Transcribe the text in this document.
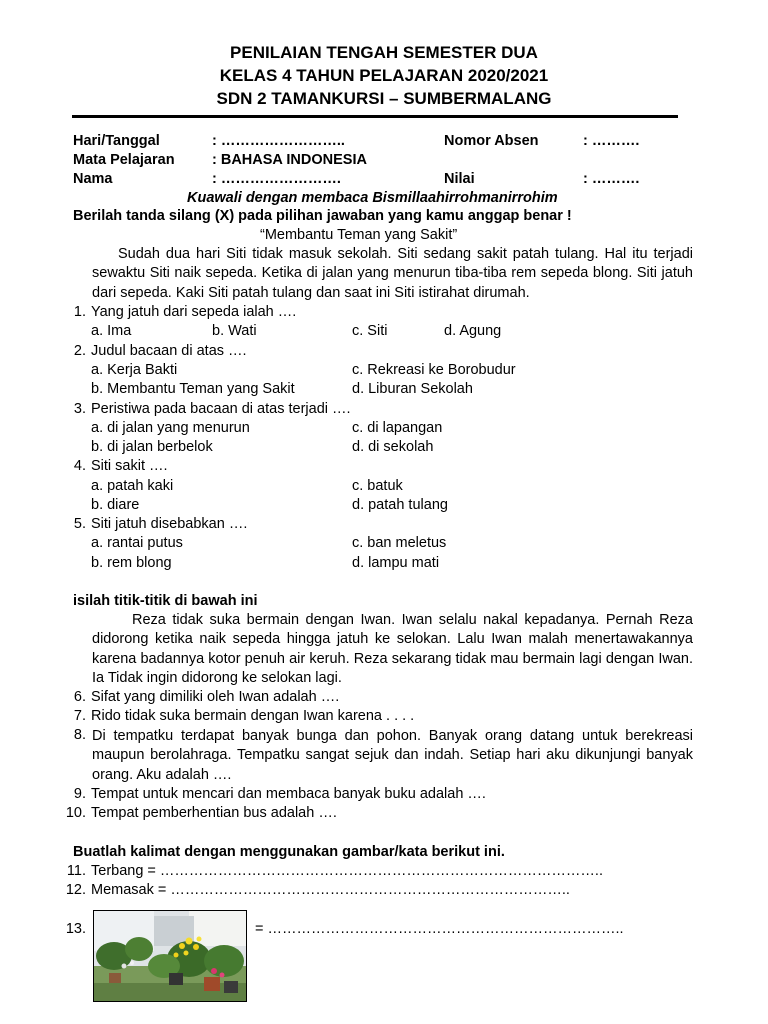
PENILAIAN TENGAH SEMESTER DUA
KELAS 4 TAHUN PELAJARAN 2020/2021
SDN 2 TAMANKURSI – SUMBERMALANG
Hari/Tanggal	: ……………………..	Nomor Absen	: ……….
Mata Pelajaran	: BAHASA INDONESIA
Nama	: …………………….	Nilai	: ……….
Kuawali dengan membaca Bismillaahirrohmanirrohim
Berilah tanda silang (X) pada pilihan jawaban yang kamu anggap benar !
“Membantu Teman yang Sakit”
Sudah dua hari Siti tidak masuk sekolah. Siti sedang sakit patah tulang. Hal itu terjadi sewaktu Siti naik sepeda. Ketika di jalan yang menurun tiba-tiba rem sepeda blong. Siti jatuh dari sepeda. Kaki Siti patah tulang dan saat ini Siti istirahat dirumah.
1. Yang jatuh dari sepeda ialah ….
a. Ima	b. Wati	c. Siti	d. Agung
2. Judul bacaan di atas ….
a. Kerja Bakti	c. Rekreasi ke Borobudur
b. Membantu Teman yang Sakit	d. Liburan Sekolah
3. Peristiwa pada bacaan di atas terjadi ….
a. di jalan yang menurun	c. di lapangan
b. di jalan berbelok	d. di sekolah
4. Siti sakit ….
a. patah kaki	c. batuk
b. diare	d. patah tulang
5. Siti jatuh disebabkan ….
a. rantai putus	c. ban meletus
b. rem blong	d. lampu mati
isilah titik-titik di bawah ini
Reza tidak suka bermain dengan Iwan. Iwan selalu nakal kepadanya. Pernah Reza didorong ketika naik sepeda hingga jatuh ke selokan. Lalu Iwan malah menertawakannya karena badannya kotor penuh air keruh. Reza sekarang tidak mau bermain lagi dengan Iwan. Ia Tidak ingin didorong ke selokan lagi.
6. Sifat yang dimiliki oleh Iwan adalah ….
7. Rido tidak suka bermain dengan Iwan karena . . . .
8. Di tempatku terdapat banyak bunga dan pohon. Banyak orang datang untuk berekreasi maupun berolahraga. Tempatku sangat sejuk dan indah. Setiap hari aku dikunjungi banyak orang. Aku adalah ….
9. Tempat untuk mencari dan membaca banyak buku adalah ….
10. Tempat pemberhentian bus adalah ….
Buatlah kalimat dengan menggunakan gambar/kata berikut ini.
11. Terbang = ………………………………………………………………………………..
12. Memasak = ………………………………………………………………………..
13.	= ………………………………………………………………..
